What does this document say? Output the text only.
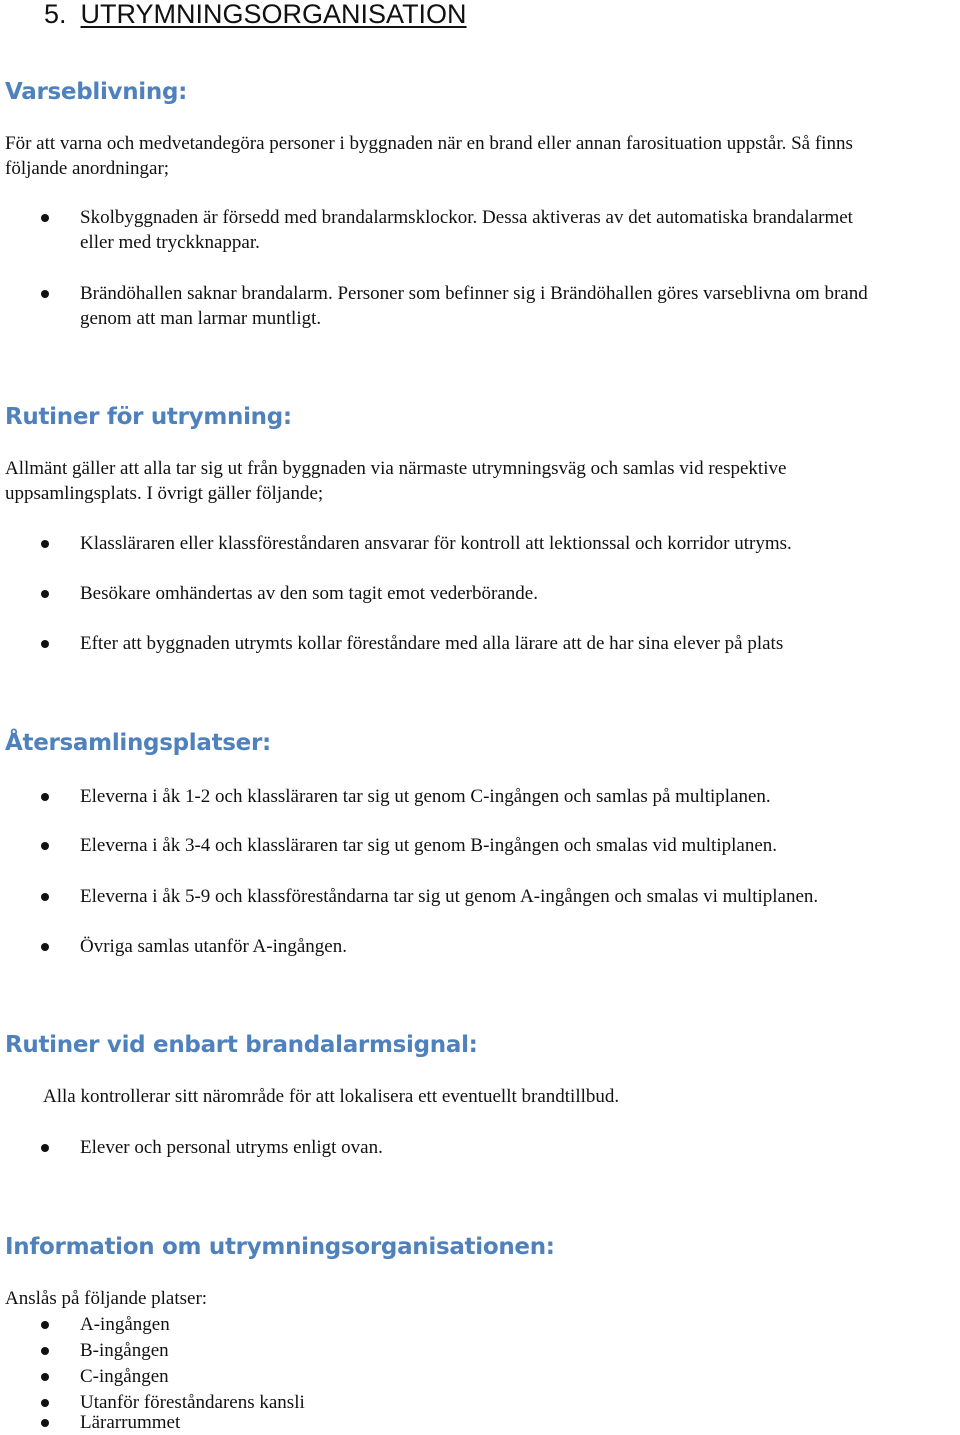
5. UTRYMNINGSORGANISATION
Varseblivning:

För att varna och medvetandegöra personer i byggnaden när en brand eller annan farosituation uppstår. Så finns

följande anordningar;

Skolbyggnaden är försedd med brandalarmsklockor. Dessa aktiveras av det automatiska brandalarmet
eller med tryckknappar.
Brändöhallen saknar brandalarm. Personer som befinner sig i Brändöhallen göres varseblivna om brand
genom att man larmar muntligt.
Rutiner för utrymning:

Allmänt gäller att alla tar sig ut från byggnaden via närmaste utrymningsväg och samlas vid respektive

uppsamlingsplats. I övrigt gäller följande;

Klassläraren eller klassföreståndaren ansvarar för kontroll att lektionssal och korridor utryms.
Besökare omhändertas av den som tagit emot vederbörande.
Efter att byggnaden utrymts kollar föreståndare med alla lärare att de har sina elever på plats
Återsamlingsplatser:
Eleverna i åk 1-2 och klassläraren tar sig ut genom C-ingången och samlas på multiplanen.
Eleverna i åk 3-4 och klassläraren tar sig ut genom B-ingången och smalas vid multiplanen.
Eleverna i åk 5-9 och klassföreståndarna tar sig ut genom A-ingången och smalas vi multiplanen.
Övriga samlas utanför A-ingången.
Rutiner vid enbart brandalarmsignal:

Alla kontrollerar sitt närområde för att lokalisera ett eventuellt brandtillbud.

Elever och personal utryms enligt ovan.
Information om utrymningsorganisationen:

Anslås på följande platser:

A-ingången
B-ingången
C-ingången
Utanför föreståndarens kansli
Lärarrummet
